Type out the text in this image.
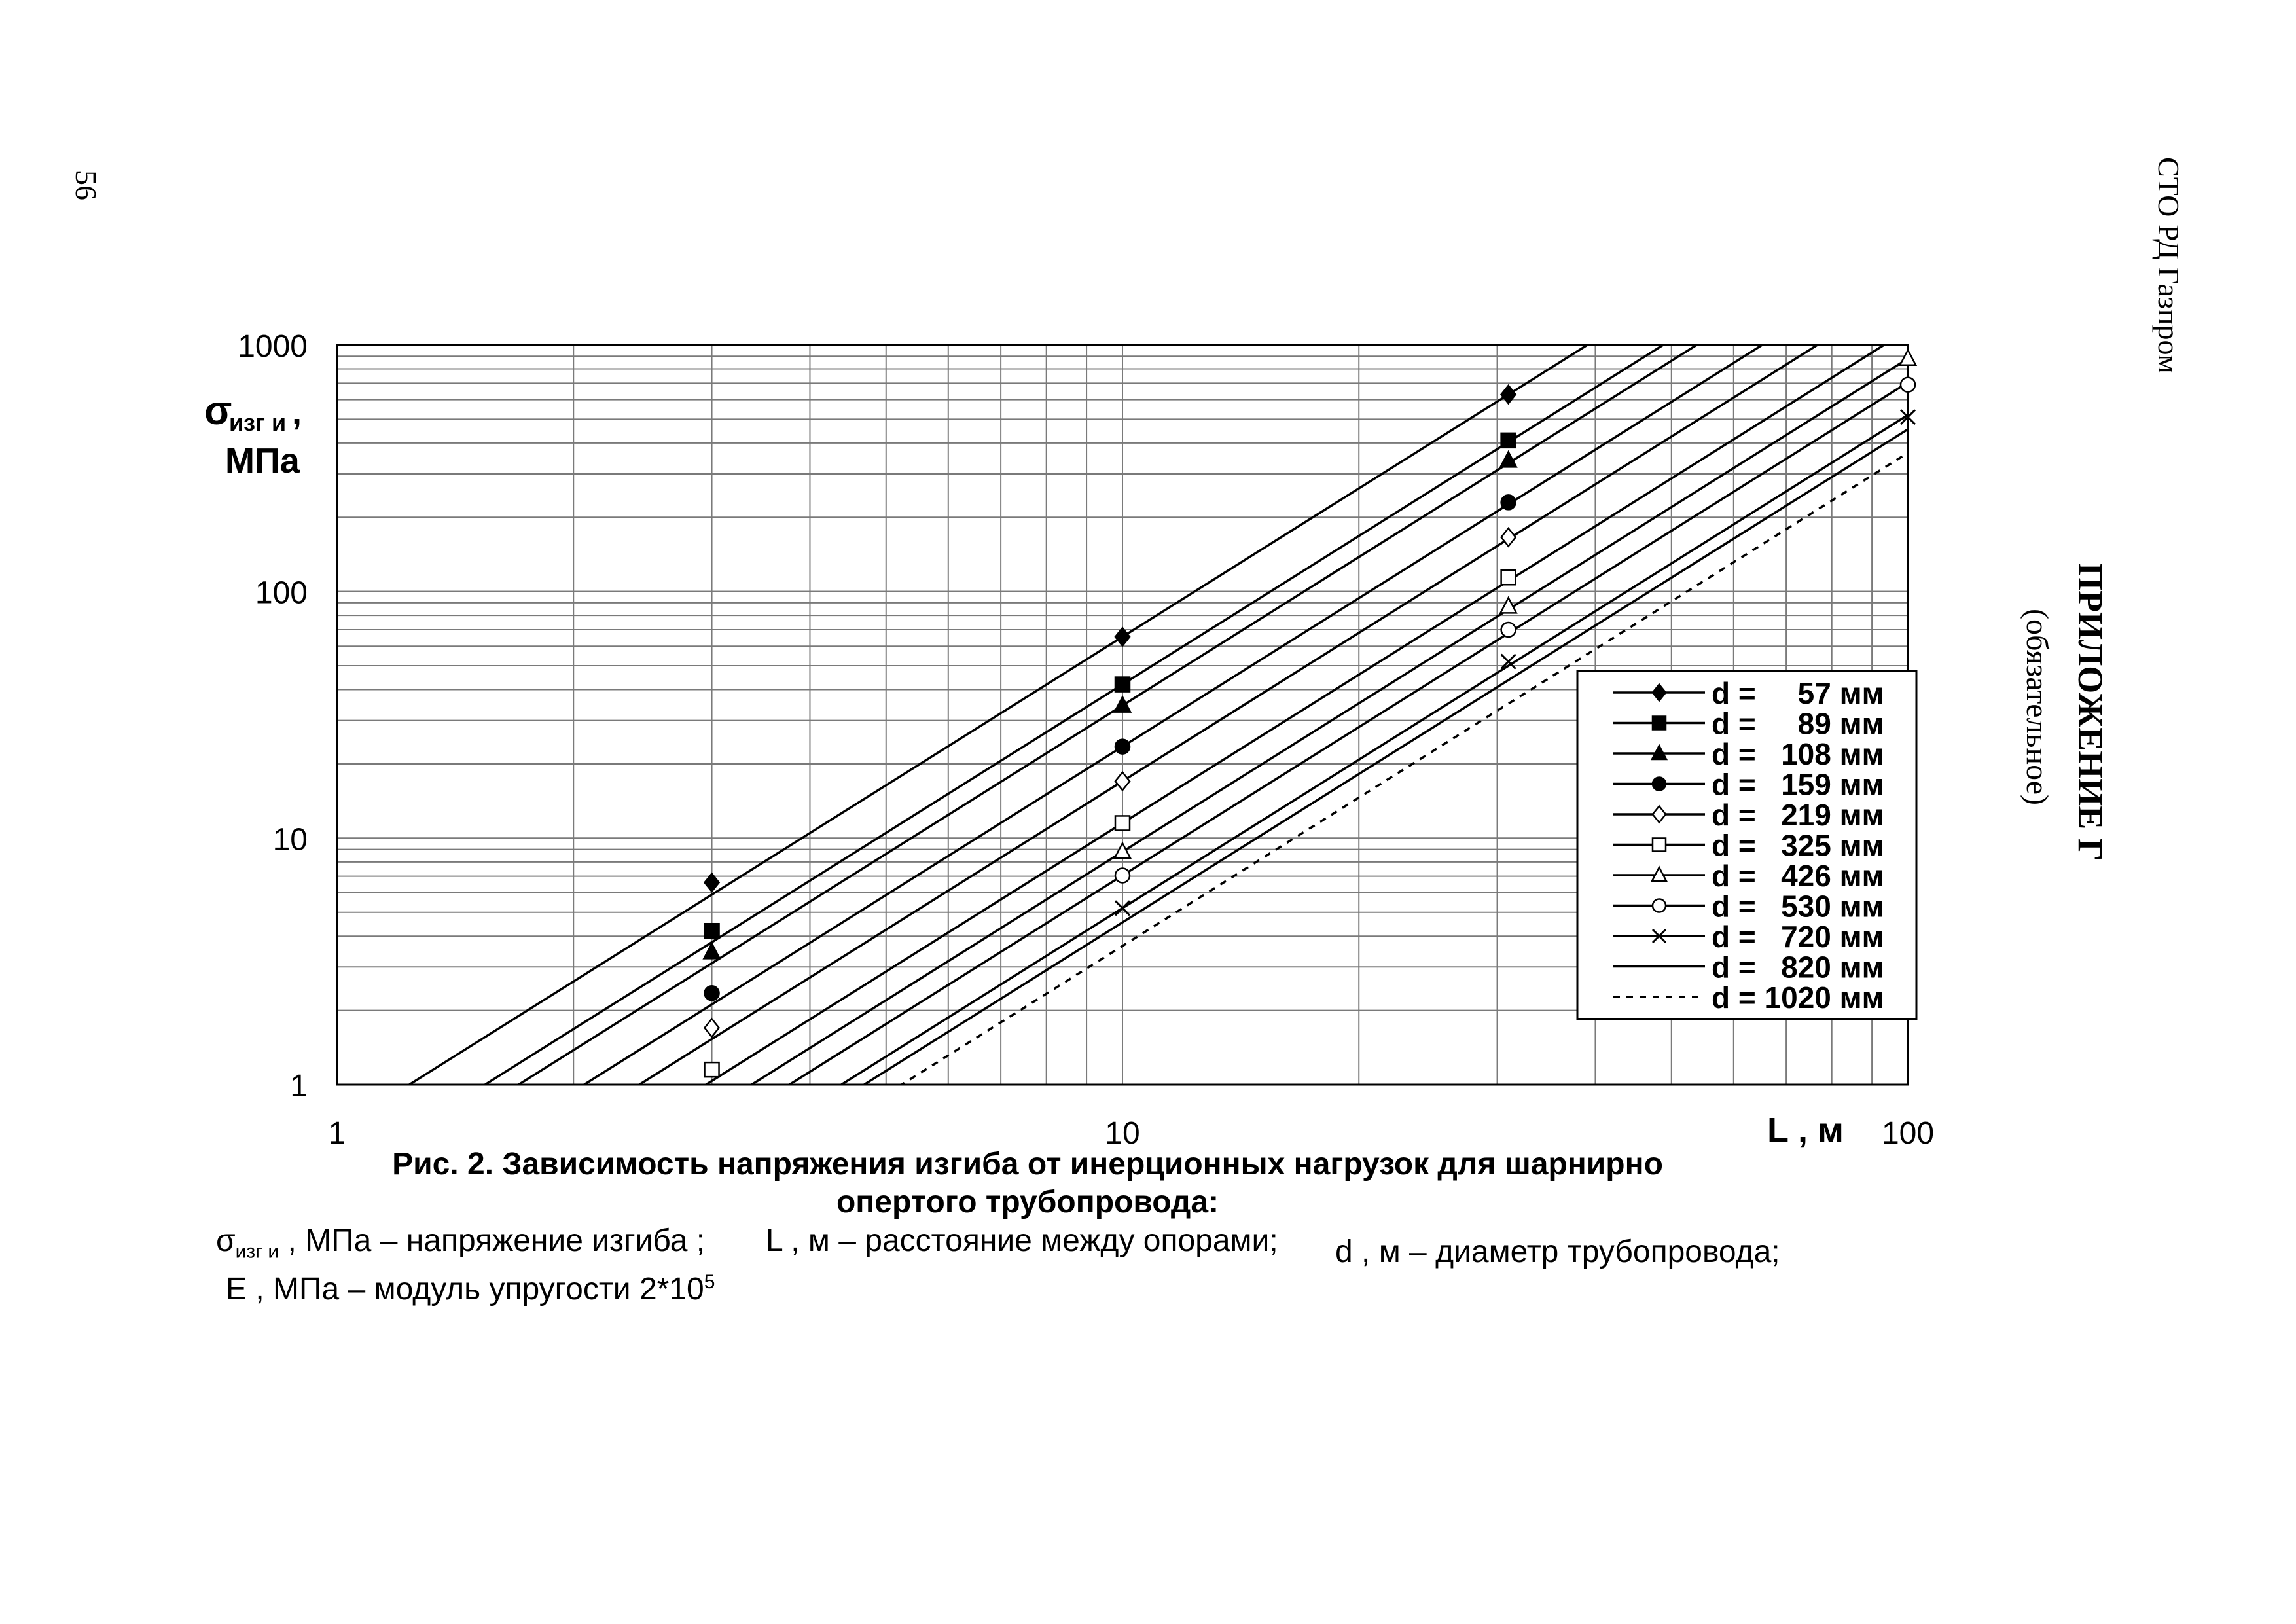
56	СТО РД Газпром
ПРИЛОЖЕНИЕ Г
(обязательное)
1
10
100
1000
1	10	100
σ
изг и ,
МПа
L , м
d =     57 мм
d =     89 мм
d =   108 мм
d =   159 мм
d =   219 мм
d =   325 мм
d =   426 мм
d =   530 мм
d =   720 мм
d =   820 мм
d = 1020 мм
Рис. 2. Зависимость напряжения изгиба от инерционных нагрузок для шарнирно
опертого трубопровода:
$\sigma_{изг и}$ , МПа – напряжение изгиба ; L , м – расстояние между опорами; d , м – диаметр трубопровода;
E , МПа – модуль упругости $2*10^5$
